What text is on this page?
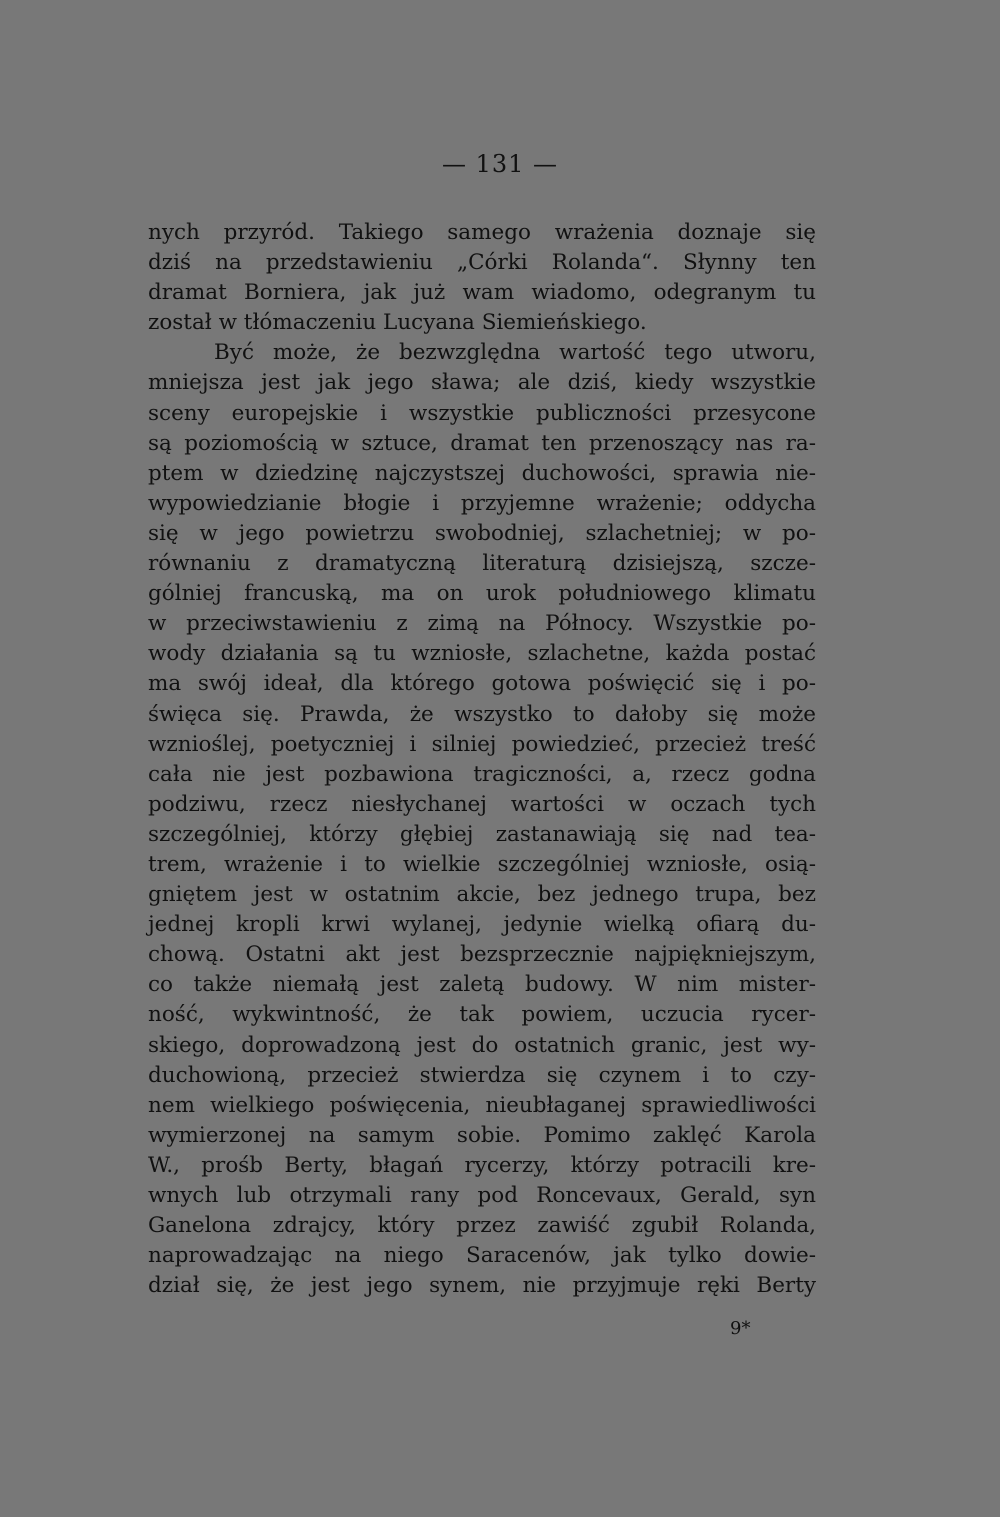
— 131 —
nych przyród. Takiego samego wrażenia doznaje się
dziś na przedstawieniu „Córki Rolanda“. Słynny ten
dramat Borniera, jak już wam wiadomo, odegranym tu
został w tłómaczeniu Lucyana Siemieńskiego.
Być może, że bezwzględna wartość tego utworu,
mniejsza jest jak jego sława; ale dziś, kiedy wszystkie
sceny europejskie i wszystkie publiczności przesycone
są poziomością w sztuce, dramat ten przenoszący nas ra-
ptem w dziedzinę najczystszej duchowości, sprawia nie-
wypowiedzianie błogie i przyjemne wrażenie; oddycha
się w jego powietrzu swobodniej, szlachetniej; w po-
równaniu z dramatyczną literaturą dzisiejszą, szcze-
gólniej francuską, ma on urok południowego klimatu
w przeciwstawieniu z zimą na Północy. Wszystkie po-
wody działania są tu wzniosłe, szlachetne, każda postać
ma swój ideał, dla którego gotowa poświęcić się i po-
święca się. Prawda, że wszystko to dałoby się może
wznioślej, poetyczniej i silniej powiedzieć, przecież treść
cała nie jest pozbawiona tragiczności, a, rzecz godna
podziwu, rzecz niesłychanej wartości w oczach tych
szczególniej, którzy głębiej zastanawiają się nad tea-
trem, wrażenie i to wielkie szczególniej wzniosłe, osią-
gniętem jest w ostatnim akcie, bez jednego trupa, bez
jednej kropli krwi wylanej, jedynie wielką ofiarą du-
chową. Ostatni akt jest bezsprzecznie najpiękniejszym,
co także niemałą jest zaletą budowy. W nim mister-
ność, wykwintność, że tak powiem, uczucia rycer-
skiego, doprowadzoną jest do ostatnich granic, jest wy-
duchowioną, przecież stwierdza się czynem i to czy-
nem wielkiego poświęcenia, nieubłaganej sprawiedliwości
wymierzonej na samym sobie. Pomimo zaklęć Karola
W., prośb Berty, błagań rycerzy, którzy potracili kre-
wnych lub otrzymali rany pod Roncevaux, Gerald, syn
Ganelona zdrajcy, który przez zawiść zgubił Rolanda,
naprowadzając na niego Saracenów, jak tylko dowie-
dział się, że jest jego synem, nie przyjmuje ręki Berty
9*
